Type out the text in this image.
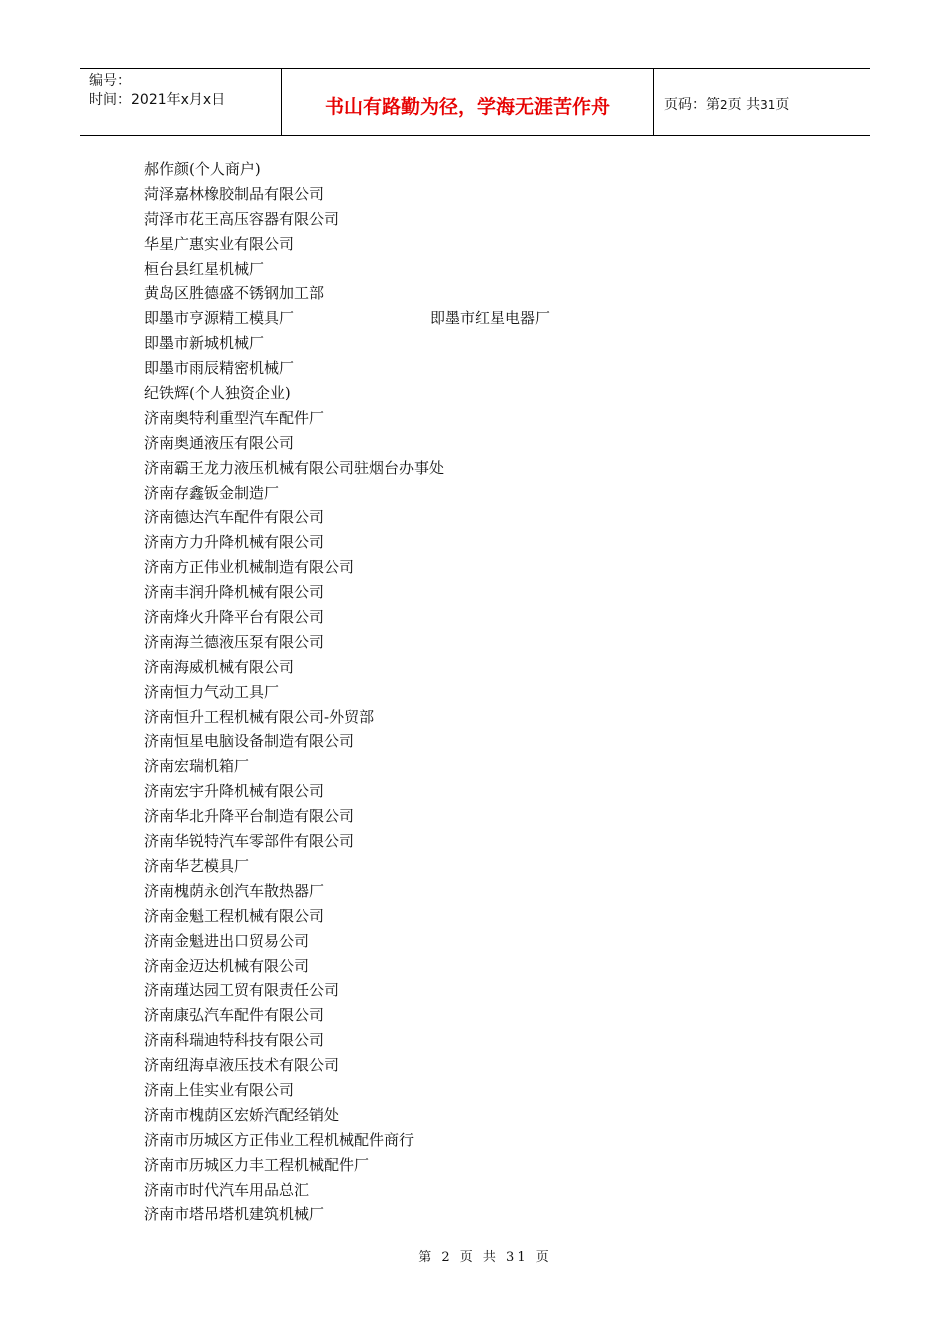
编号：
时间：2021年x月x日	书山有路勤为径，学海无涯苦作舟	页码：第2页 共31页
郝作颜(个人商户)
菏泽嘉林橡胶制品有限公司
菏泽市花王高压容器有限公司
华星广惠实业有限公司
桓台县红星机械厂
黄岛区胜德盛不锈钢加工部
即墨市亨源精工模具厂	即墨市红星电器厂
即墨市新城机械厂
即墨市雨辰精密机械厂
纪铁辉(个人独资企业)
济南奥特利重型汽车配件厂
济南奥通液压有限公司
济南霸王龙力液压机械有限公司驻烟台办事处
济南存鑫钣金制造厂
济南德达汽车配件有限公司
济南方力升降机械有限公司
济南方正伟业机械制造有限公司
济南丰润升降机械有限公司
济南烽火升降平台有限公司
济南海兰德液压泵有限公司
济南海威机械有限公司
济南恒力气动工具厂
济南恒升工程机械有限公司-外贸部
济南恒星电脑设备制造有限公司
济南宏瑞机箱厂
济南宏宇升降机械有限公司
济南华北升降平台制造有限公司
济南华锐特汽车零部件有限公司
济南华艺模具厂
济南槐荫永创汽车散热器厂
济南金魁工程机械有限公司
济南金魁进出口贸易公司
济南金迈达机械有限公司
济南瑾达园工贸有限责任公司
济南康弘汽车配件有限公司
济南科瑞迪特科技有限公司
济南纽海卓液压技术有限公司
济南上佳实业有限公司
济南市槐荫区宏娇汽配经销处
济南市历城区方正伟业工程机械配件商行
济南市历城区力丰工程机械配件厂
济南市时代汽车用品总汇
济南市塔吊塔机建筑机械厂
第 2 页 共 31 页
